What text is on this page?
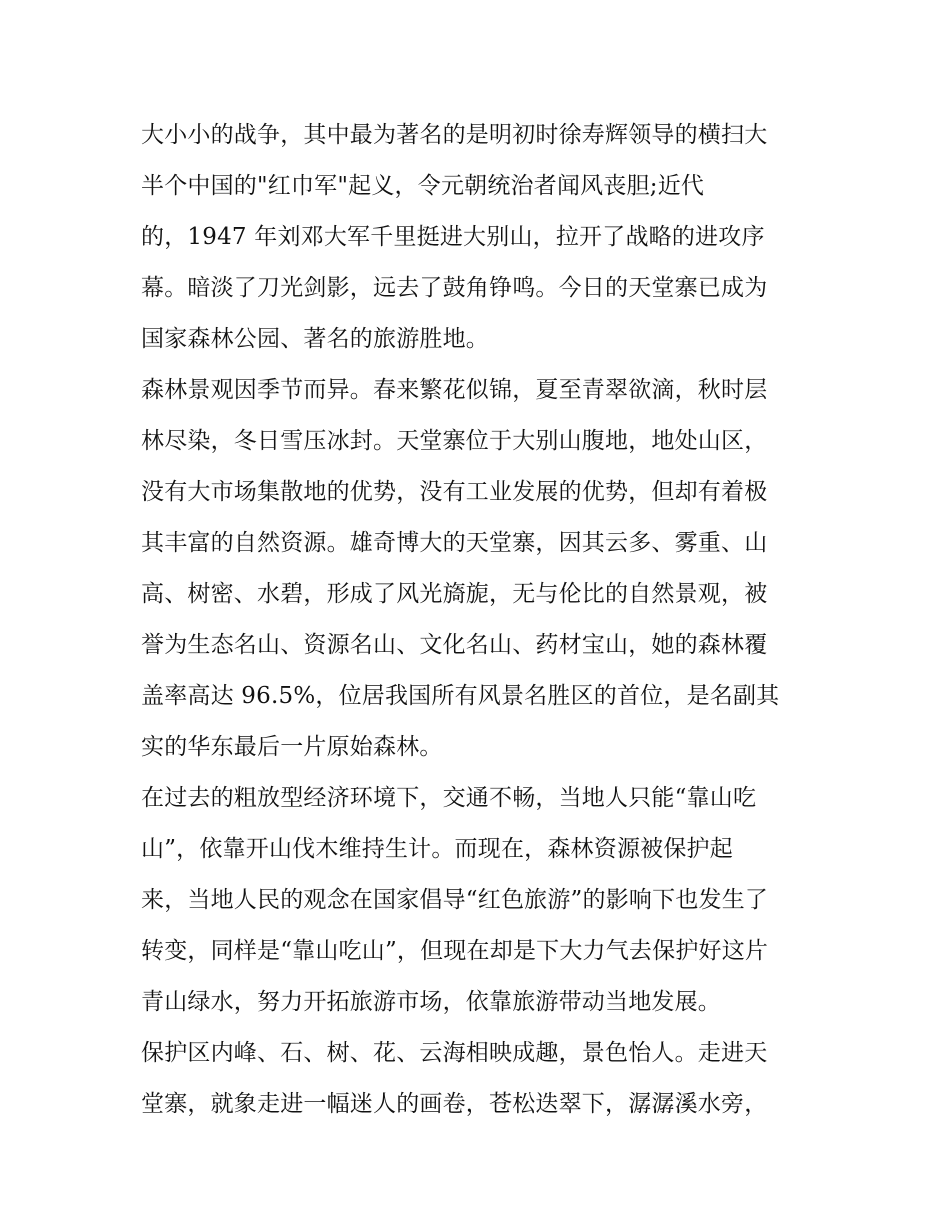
大小小的战争，其中最为著名的是明初时徐寿辉领导的横扫大
半个中国的"红巾军"起义，令元朝统治者闻风丧胆;近代
的，1947 年刘邓大军千里挺进大别山，拉开了战略的进攻序
幕。暗淡了刀光剑影，远去了鼓角铮鸣。今日的天堂寨已成为
国家森林公园、著名的旅游胜地。
森林景观因季节而异。春来繁花似锦，夏至青翠欲滴，秋时层
林尽染，冬日雪压冰封。天堂寨位于大别山腹地，地处山区，
没有大市场集散地的优势，没有工业发展的优势，但却有着极
其丰富的自然资源。雄奇博大的天堂寨，因其云多、雾重、山
高、树密、水碧，形成了风光旖旎，无与伦比的自然景观，被
誉为生态名山、资源名山、文化名山、药材宝山，她的森林覆
盖率高达 96.5%，位居我国所有风景名胜区的首位，是名副其
实的华东最后一片原始森林。
在过去的粗放型经济环境下，交通不畅，当地人只能“靠山吃
山”，依靠开山伐木维持生计。而现在，森林资源被保护起
来，当地人民的观念在国家倡导“红色旅游”的影响下也发生了
转变，同样是“靠山吃山”，但现在却是下大力气去保护好这片
青山绿水，努力开拓旅游市场，依靠旅游带动当地发展。
保护区内峰、石、树、花、云海相映成趣，景色怡人。走进天
堂寨，就象走进一幅迷人的画卷，苍松迭翠下，潺潺溪水旁，
